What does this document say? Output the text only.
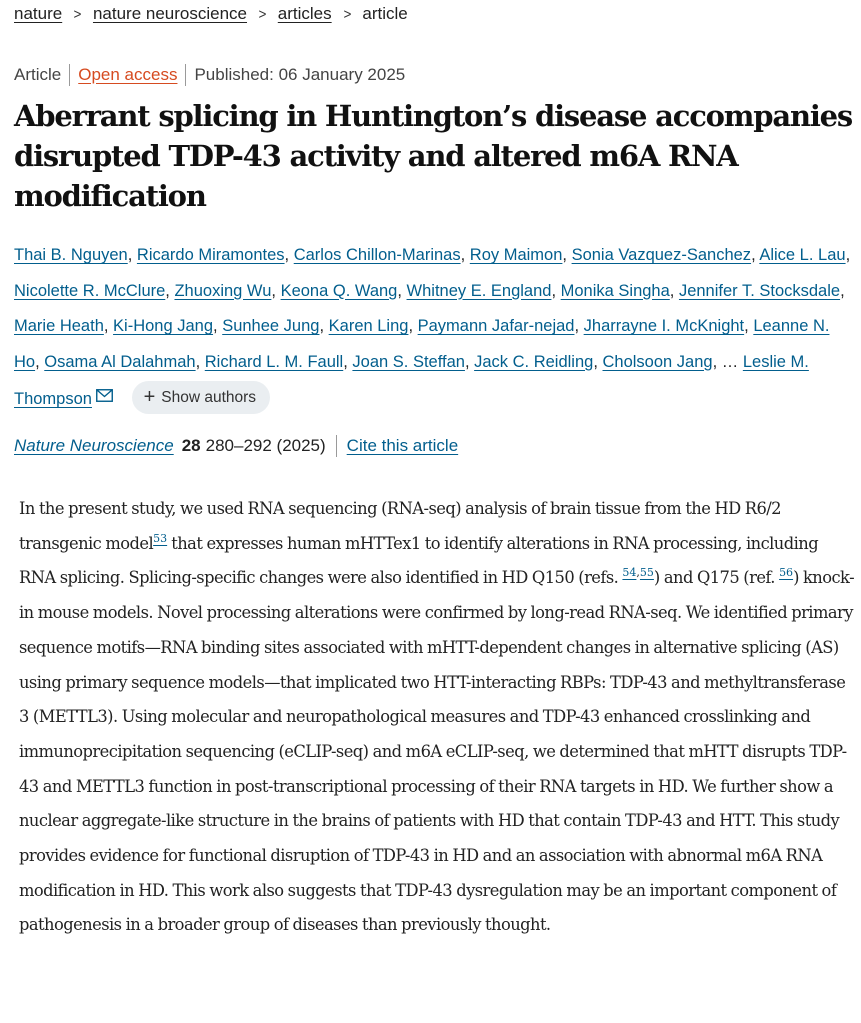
nature > nature neuroscience > articles > article
Article Open access Published: 06 January 2025
Aberrant splicing in Huntington’s disease accompanies disrupted TDP-43 activity and altered m6A RNA modification
Thai B. Nguyen, Ricardo Miramontes, Carlos Chillon-Marinas, Roy Maimon, Sonia Vazquez-Sanchez, Alice L. Lau, Nicolette R. McClure, Zhuoxing Wu, Keona Q. Wang, Whitney E. England, Monika Singha, Jennifer T. Stocksdale, Marie Heath, Ki-Hong Jang, Sunhee Jung, Karen Ling, Paymann Jafar-nejad, Jharrayne I. McKnight, Leanne N. Ho, Osama Al Dalahmah, Richard L. M. Faull, Joan S. Steffan, Jack C. Reidling, Cholsoon Jang, … Leslie M. Thompson	+ Show authors
Nature Neuroscience 28 280–292 (2025) Cite this article

In the present study, we used RNA sequencing (RNA-seq) analysis of brain tissue from the HD R6/2 transgenic model$^{53}$ that expresses human mHTTex1 to identify alterations in RNA processing, including RNA splicing. Splicing-specific changes were also identified in HD Q150 (refs. $^{54,55}$) and Q175 (ref. $^{56}$) knock-in mouse models. Novel processing alterations were confirmed by long-read RNA-seq. We identified primary sequence motifs—RNA binding sites associated with mHTT-dependent changes in alternative splicing (AS) using primary sequence models—that implicated two HTT-interacting RBPs: TDP-43 and methyltransferase 3 (METTL3). Using molecular and neuropathological measures and TDP-43 enhanced crosslinking and immunoprecipitation sequencing (eCLIP-seq) and m6A eCLIP-seq, we determined that mHTT disrupts TDP-43 and METTL3 function in post-transcriptional processing of their RNA targets in HD. We further show a nuclear aggregate-like structure in the brains of patients with HD that contain TDP-43 and HTT. This study provides evidence for functional disruption of TDP-43 in HD and an association with abnormal m6A RNA modification in HD. This work also suggests that TDP-43 dysregulation may be an important component of pathogenesis in a broader group of diseases than previously thought.
